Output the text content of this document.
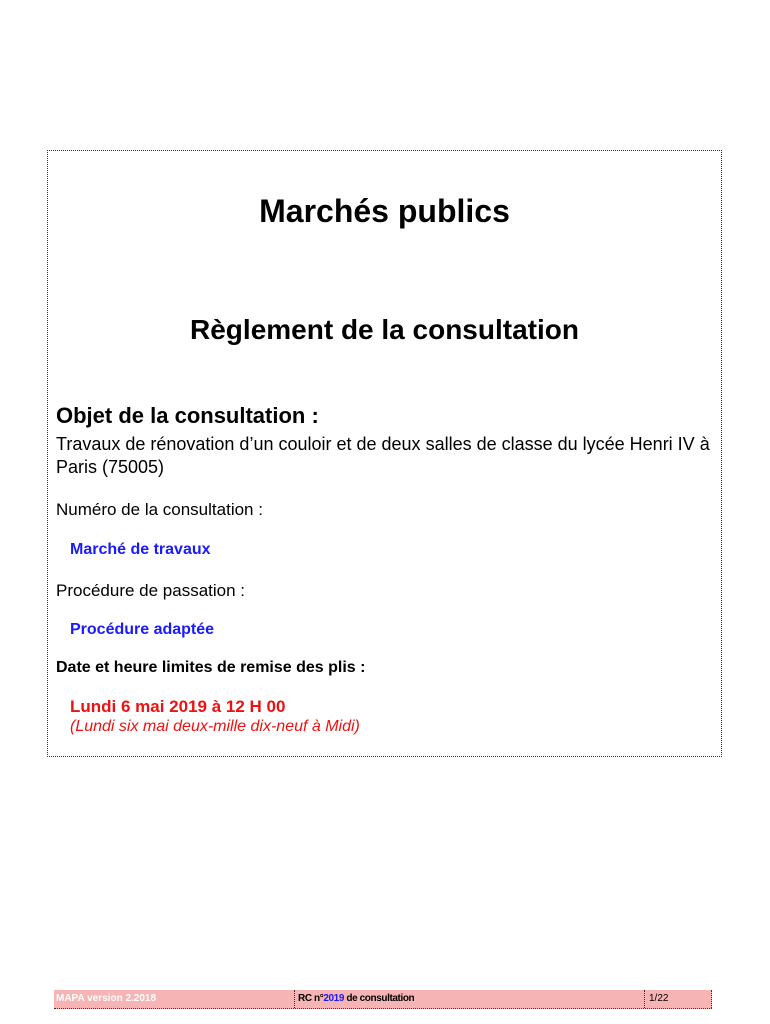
Marchés publics
Règlement de la consultation
Objet de la consultation :
Travaux de rénovation d’un couloir et de deux salles de classe du lycée Henri IV à Paris (75005)
Numéro de la consultation :
Marché de travaux
Procédure de passation :
Procédure adaptée
Date et heure limites de remise des plis :
Lundi 6 mai 2019 à 12 H 00
(Lundi six mai deux-mille dix-neuf à Midi)
MAPA version 2.2018	RC n°2019 de consultation	1/22
